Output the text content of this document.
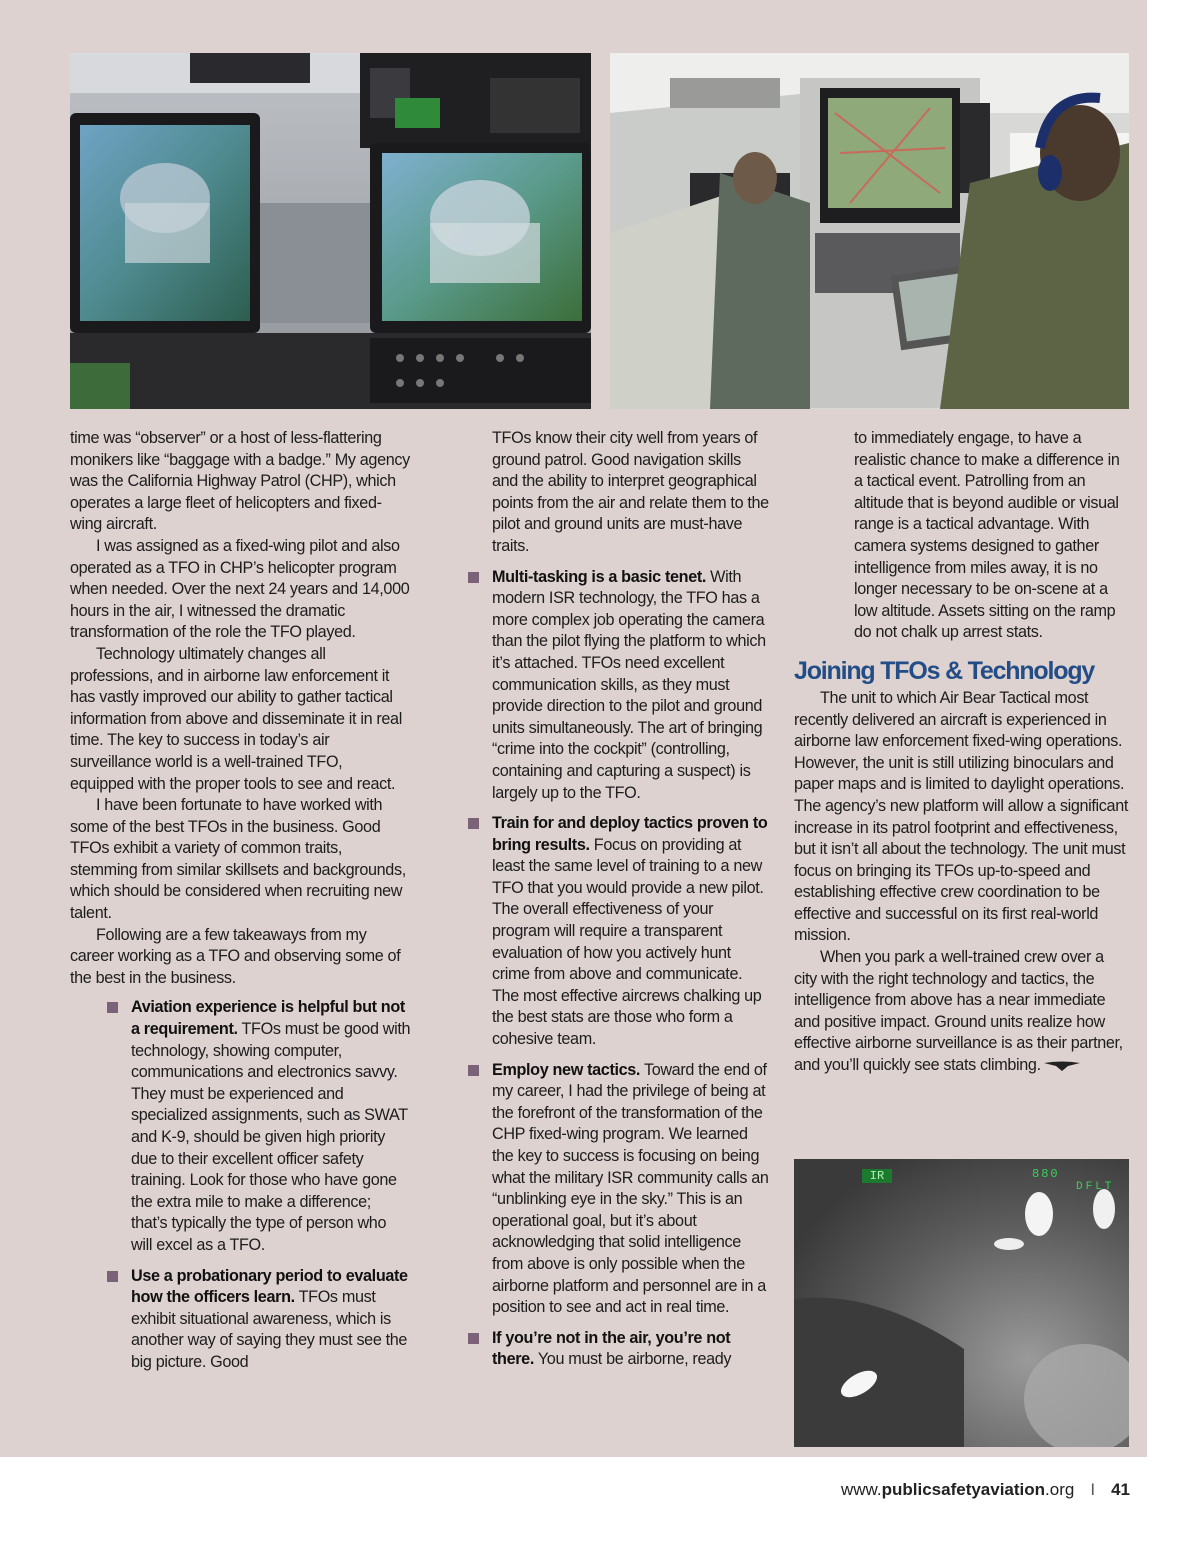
IR	880
DFLT

time was “observer” or a host of less-flattering monikers like “baggage with a badge.” My agency was the California Highway Patrol (CHP), which operates a large fleet of helicopters and fixed-wing aircraft.

I was assigned as a fixed-wing pilot and also operated as a TFO in CHP’s helicopter program when needed. Over the next 24 years and 14,000 hours in the air, I witnessed the dramatic transformation of the role the TFO played.

Technology ultimately changes all professions, and in airborne law enforcement it has vastly improved our ability to gather tactical information from above and disseminate it in real time. The key to success in today’s air surveillance world is a well-trained TFO, equipped with the proper tools to see and react.

I have been fortunate to have worked with some of the best TFOs in the business. Good TFOs exhibit a variety of common traits, stemming from similar skillsets and backgrounds, which should be considered when recruiting new talent.

Following are a few takeaways from my career working as a TFO and observing some of the best in the business.

Aviation experience is helpful but not a requirement. TFOs must be good with technology, showing computer, communications and electronics savvy. They must be experienced and specialized assignments, such as SWAT and K-9, should be given high priority due to their excellent officer safety training. Look for those who have gone the extra mile to make a difference; that’s typically the type of person who will excel as a TFO.
Use a probationary period to evaluate how the officers learn. TFOs must exhibit situational awareness, which is another way of saying they must see the big picture. Good

TFOs know their city well from years of ground patrol. Good navigation skills and the ability to interpret geographical points from the air and relate them to the pilot and ground units are must-have traits.

Multi-tasking is a basic tenet. With modern ISR technology, the TFO has a more complex job operating the camera than the pilot flying the platform to which it’s attached. TFOs need excellent communication skills, as they must provide direction to the pilot and ground units simultaneously. The art of bringing “crime into the cockpit” (controlling, containing and capturing a suspect) is largely up to the TFO.
Train for and deploy tactics proven to bring results. Focus on providing at least the same level of training to a new TFO that you would provide a new pilot. The overall effectiveness of your program will require a transparent evaluation of how you actively hunt crime from above and communicate. The most effective aircrews chalking up the best stats are those who form a cohesive team.
Employ new tactics. Toward the end of my career, I had the privilege of being at the forefront of the transformation of the CHP fixed-wing program. We learned the key to success is focusing on being what the military ISR community calls an “unblinking eye in the sky.” This is an operational goal, but it’s about acknowledging that solid intelligence from above is only possible when the airborne platform and personnel are in a position to see and act in real time.
If you’re not in the air, you’re not there. You must be airborne, ready

to immediately engage, to have a realistic chance to make a difference in a tactical event. Patrolling from an altitude that is beyond audible or visual range is a tactical advantage. With camera systems designed to gather intelligence from miles away, it is no longer necessary to be on-scene at a low altitude. Assets sitting on the ramp do not chalk up arrest stats.

Joining TFOs & Technology

The unit to which Air Bear Tactical most recently delivered an aircraft is experienced in airborne law enforcement fixed-wing operations. However, the unit is still utilizing binoculars and paper maps and is limited to daylight operations. The agency’s new platform will allow a significant increase in its patrol footprint and effectiveness, but it isn’t all about the technology. The unit must focus on bringing its TFOs up-to-speed and establishing effective crew coordination to be effective and successful on its first real-world mission.

When you park a well-trained crew over a city with the right technology and tactics, the intelligence from above has a near immediate and positive impact. Ground units realize how effective airborne surveillance is as their partner, and you’ll quickly see stats climbing.

www.publicsafetyaviation.org I 41
